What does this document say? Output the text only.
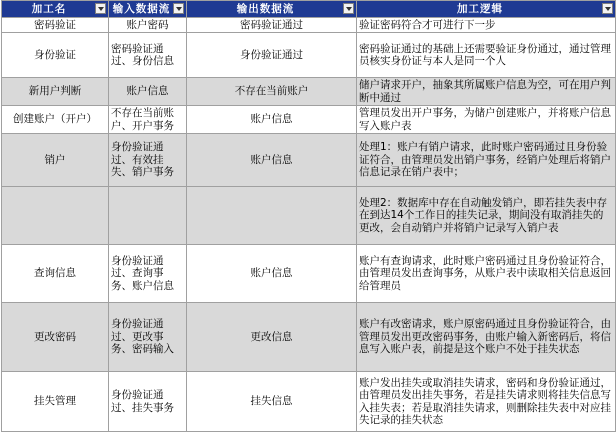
加工名	输入数据流	输出数据流	加工逻辑

密码验证	账户密码	密码验证通过	验证密码符合才可进行下一步
身份验证	密码验证通过、身份信息	身份验证通过	密码验证通过的基础上还需要验证身份通过，通过管理员核实身份证与本人是同一个人
新用户判断	账户信息	不存在当前账户	储户请求开户，抽象其所属账户信息为空，可在用户判断中通过
创建账户（开户）	不存在当前账户、开户事务	账户信息	管理员发出开户事务，为储户创建账户，并将账户信息写入账户表
销户	身份验证通过、有效挂失、销户事务	账户信息	处理1：账户有销户请求，此时账户密码通过且身份验证符合，由管理员发出销户事务，经销户处理后将销户信息记录在销户表中；
			处理2：数据库中存在自动触发销户，即若挂失表中存在到达14个工作日的挂失记录，期间没有取消挂失的更改，会自动销户并将销户记录写入销户表
查询信息	身份验证通过、查询事务、账户信息	账户信息	账户有查询请求，此时账户密码通过且身份验证符合，由管理员发出查询事务，从账户表中读取相关信息返回给管理员
更改密码	身份验证通过、更改事务、密码输入	更改信息	账户有改密请求，账户原密码通过且身份验证符合，由管理员发出更改密码事务，由账户输入新密码后，将信息写入账户表，前提是这个账户不处于挂失状态
挂失管理	身份验证通过、挂失事务	挂失信息	账户发出挂失或取消挂失请求，密码和身份验证通过，由管理员发出挂失事务，若是挂失请求则将挂失信息写入挂失表；若是取消挂失请求，则删除挂失表中对应挂失记录的挂失状态
